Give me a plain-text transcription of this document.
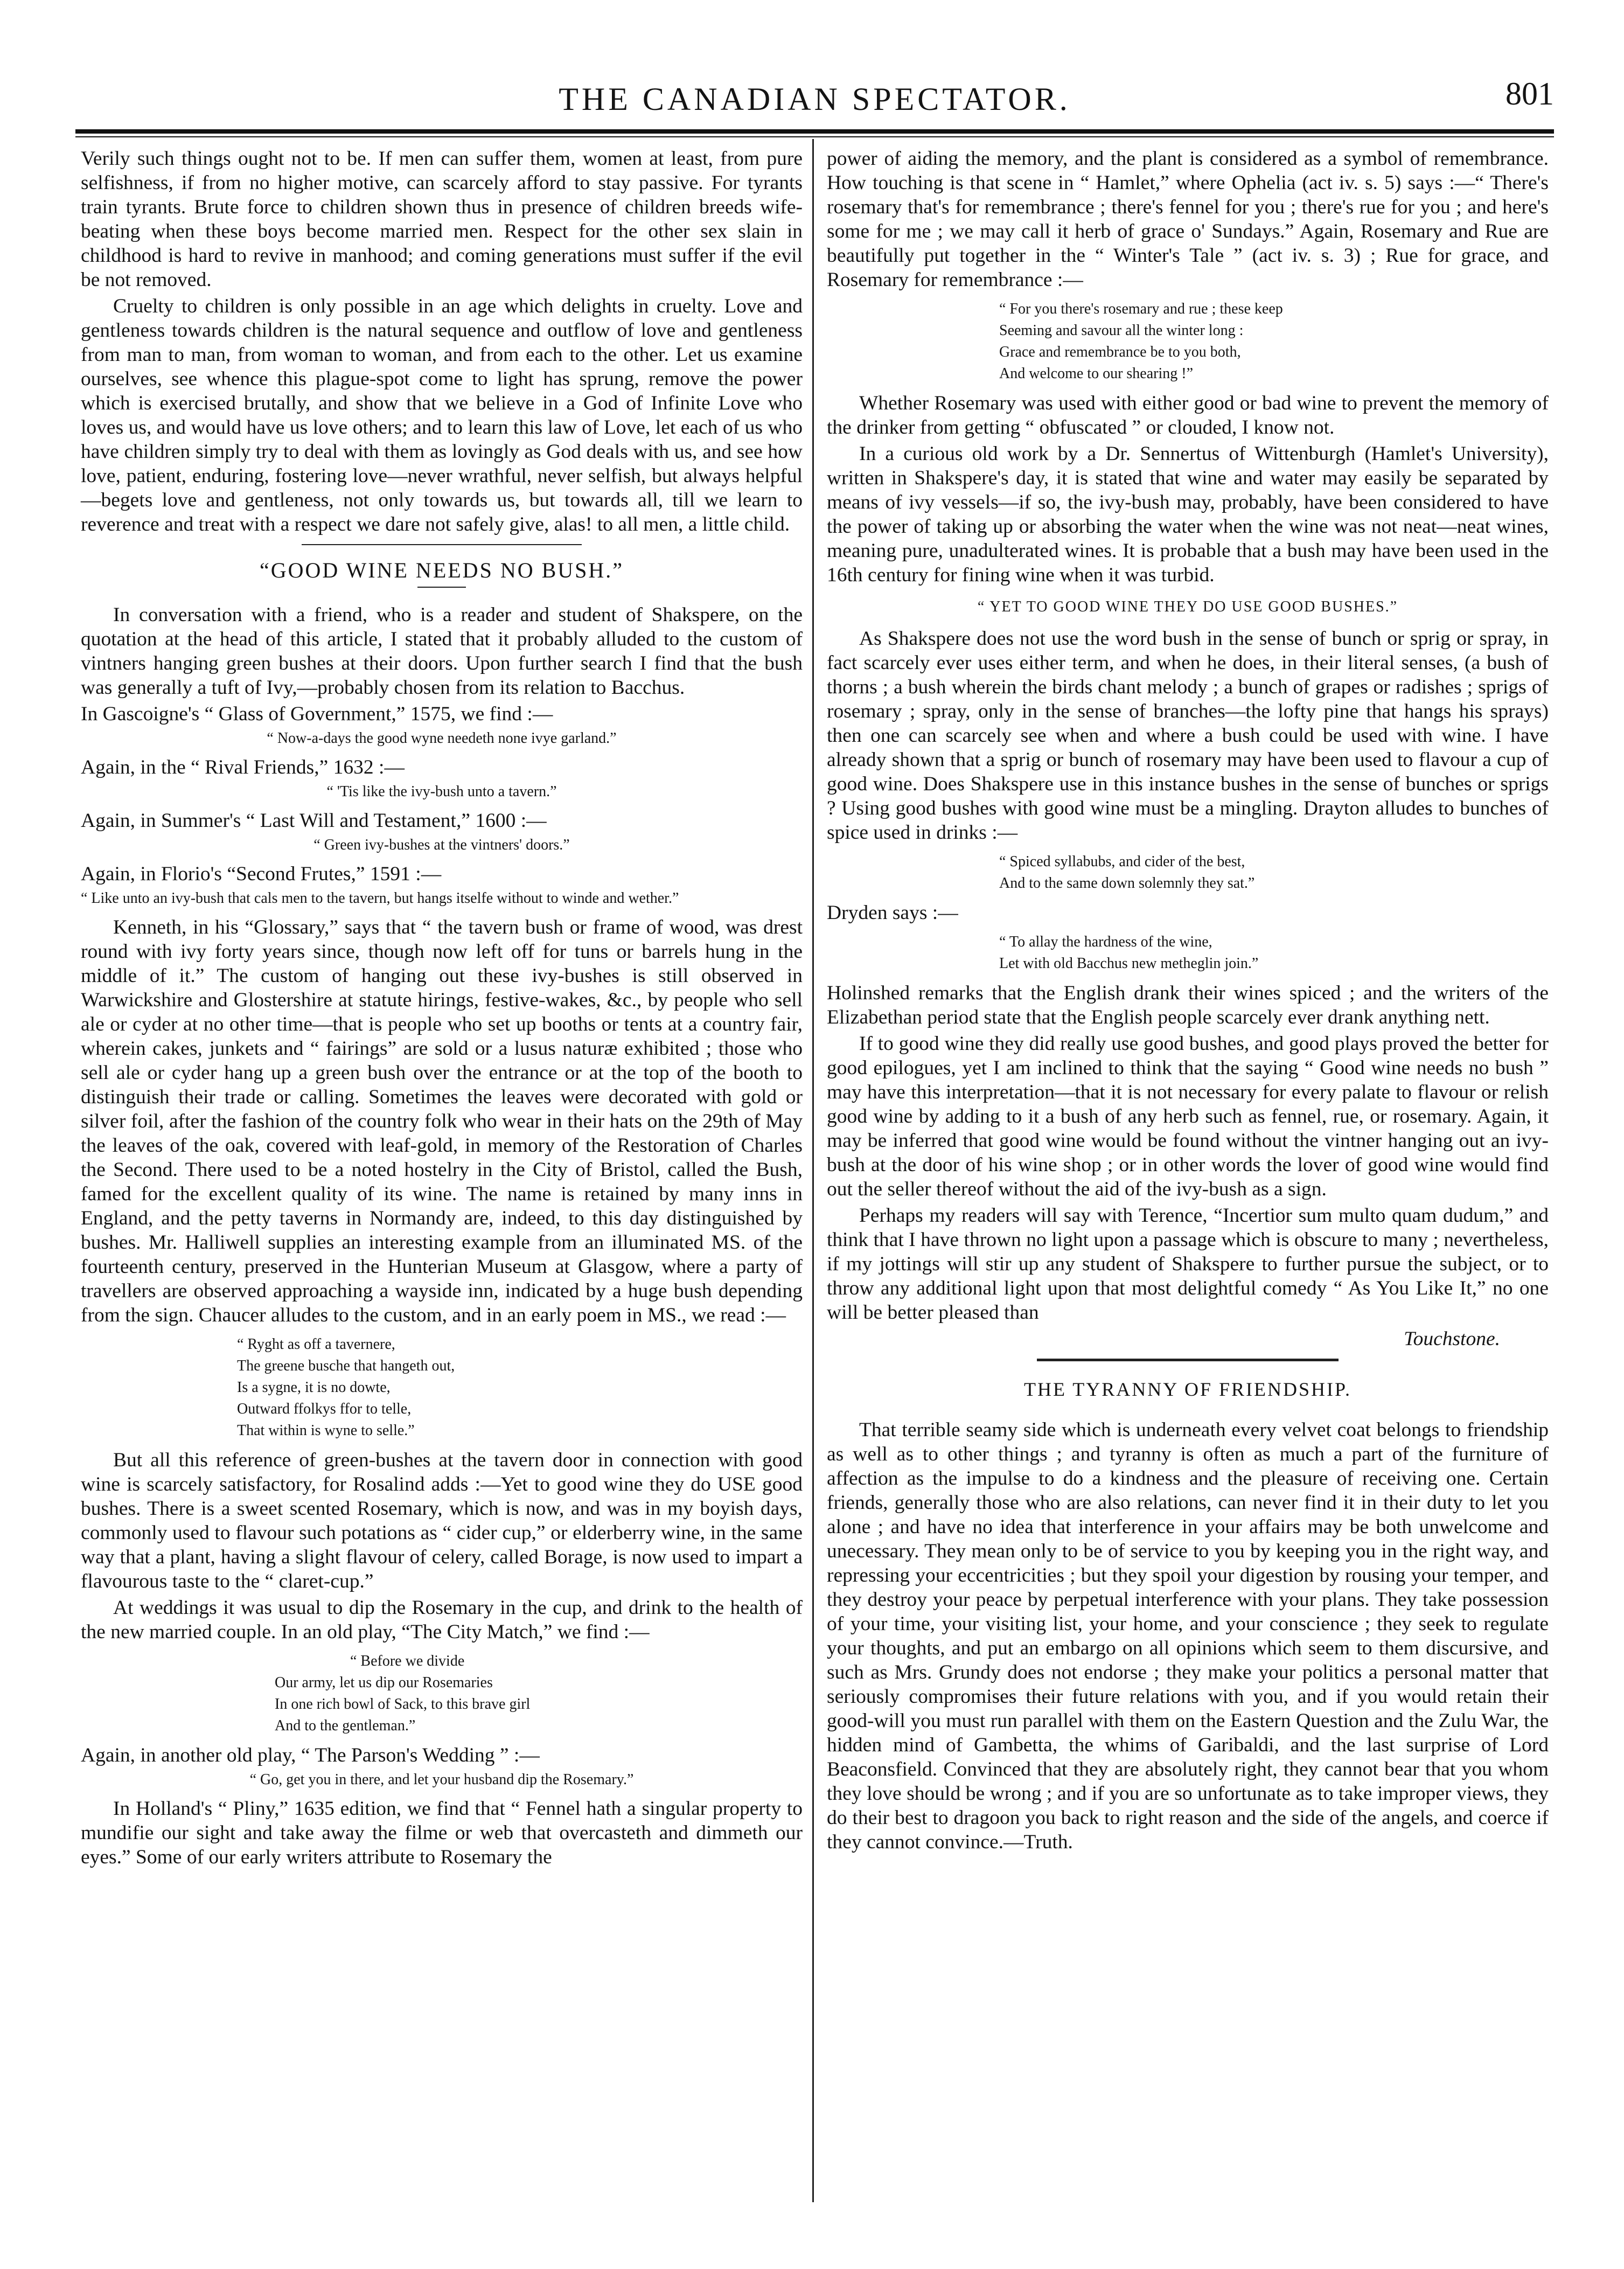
THE CANADIAN SPECTATOR.	801

Verily such things ought not to be. If men can suffer them, women at least, from pure selfishness, if from no higher motive, can scarcely afford to stay passive. For tyrants train tyrants. Brute force to children shown thus in presence of children breeds wife-beating when these boys become married men. Respect for the other sex slain in childhood is hard to revive in manhood; and coming generations must suffer if the evil be not removed.

Cruelty to children is only possible in an age which delights in cruelty. Love and gentleness towards children is the natural sequence and outflow of love and gentleness from man to man, from woman to woman, and from each to the other. Let us examine ourselves, see whence this plague-spot come to light has sprung, remove the power which is exercised brutally, and show that we believe in a God of Infinite Love who loves us, and would have us love others; and to learn this law of Love, let each of us who have children simply try to deal with them as lovingly as God deals with us, and see how love, patient, enduring, fostering love—never wrathful, never selfish, but always helpful—begets love and gentleness, not only towards us, but towards all, till we learn to reverence and treat with a respect we dare not safely give, alas! to all men, a little child.

“GOOD WINE NEEDS NO BUSH.”

In conversation with a friend, who is a reader and student of Shakspere, on the quotation at the head of this article, I stated that it probably alluded to the custom of vintners hanging green bushes at their doors. Upon further search I find that the bush was generally a tuft of Ivy,—probably chosen from its relation to Bacchus.

In Gascoigne's “ Glass of Government,” 1575, we find :—

“ Now-a-days the good wyne needeth none ivye garland.”

Again, in the “ Rival Friends,” 1632 :—

“ 'Tis like the ivy-bush unto a tavern.”

Again, in Summer's “ Last Will and Testament,” 1600 :—

“ Green ivy-bushes at the vintners' doors.”

Again, in Florio's “Second Frutes,” 1591 :—

“ Like unto an ivy-bush that cals men to the tavern, but hangs itselfe without to winde and wether.”

Kenneth, in his “Glossary,” says that “ the tavern bush or frame of wood, was drest round with ivy forty years since, though now left off for tuns or barrels hung in the middle of it.” The custom of hanging out these ivy-bushes is still observed in Warwickshire and Glostershire at statute hirings, festive-wakes, &c., by people who sell ale or cyder at no other time—that is people who set up booths or tents at a country fair, wherein cakes, junkets and “ fairings” are sold or a lusus naturæ exhibited ; those who sell ale or cyder hang up a green bush over the entrance or at the top of the booth to distinguish their trade or calling. Sometimes the leaves were decorated with gold or silver foil, after the fashion of the country folk who wear in their hats on the 29th of May the leaves of the oak, covered with leaf-gold, in memory of the Restoration of Charles the Second. There used to be a noted hostelry in the City of Bristol, called the Bush, famed for the excellent quality of its wine. The name is retained by many inns in England, and the petty taverns in Normandy are, indeed, to this day distinguished by bushes. Mr. Halliwell supplies an interesting example from an illuminated MS. of the fourteenth century, preserved in the Hunterian Museum at Glasgow, where a party of travellers are observed approaching a wayside inn, indicated by a huge bush depending from the sign. Chaucer alludes to the custom, and in an early poem in MS., we read :—

“ Ryght as off a tavernere,
The greene busche that hangeth out,
Is a sygne, it is no dowte,
Outward ffolkys ffor to telle,
That within is wyne to selle.”

But all this reference of green-bushes at the tavern door in connection with good wine is scarcely satisfactory, for Rosalind adds :—Yet to good wine they do USE good bushes. There is a sweet scented Rosemary, which is now, and was in my boyish days, commonly used to flavour such potations as “ cider cup,” or elderberry wine, in the same way that a plant, having a slight flavour of celery, called Borage, is now used to impart a flavourous taste to the “ claret-cup.”

At weddings it was usual to dip the Rosemary in the cup, and drink to the health of the new married couple. In an old play, “The City Match,” we find :—

“ Before we divide
Our army, let us dip our Rosemaries
In one rich bowl of Sack, to this brave girl
And to the gentleman.”

Again, in another old play, “ The Parson's Wedding ” :—

“ Go, get you in there, and let your husband dip the Rosemary.”

In Holland's “ Pliny,” 1635 edition, we find that “ Fennel hath a singular property to mundifie our sight and take away the filme or web that overcasteth and dimmeth our eyes.” Some of our early writers attribute to Rosemary the

power of aiding the memory, and the plant is considered as a symbol of remembrance. How touching is that scene in “ Hamlet,” where Ophelia (act iv. s. 5) says :—“ There's rosemary that's for remembrance ; there's fennel for you ; there's rue for you ; and here's some for me ; we may call it herb of grace o' Sundays.” Again, Rosemary and Rue are beautifully put together in the “ Winter's Tale ” (act iv. s. 3) ; Rue for grace, and Rosemary for remembrance :—

“ For you there's rosemary and rue ; these keep
Seeming and savour all the winter long :
Grace and remembrance be to you both,
And welcome to our shearing !”

Whether Rosemary was used with either good or bad wine to prevent the memory of the drinker from getting “ obfuscated ” or clouded, I know not.

In a curious old work by a Dr. Sennertus of Wittenburgh (Hamlet's University), written in Shakspere's day, it is stated that wine and water may easily be separated by means of ivy vessels—if so, the ivy-bush may, probably, have been considered to have the power of taking up or absorbing the water when the wine was not neat—neat wines, meaning pure, unadulterated wines. It is probable that a bush may have been used in the 16th century for fining wine when it was turbid.

“ YET TO GOOD WINE THEY DO USE GOOD BUSHES.”

As Shakspere does not use the word bush in the sense of bunch or sprig or spray, in fact scarcely ever uses either term, and when he does, in their literal senses, (a bush of thorns ; a bush wherein the birds chant melody ; a bunch of grapes or radishes ; sprigs of rosemary ; spray, only in the sense of branches—the lofty pine that hangs his sprays) then one can scarcely see when and where a bush could be used with wine. I have already shown that a sprig or bunch of rosemary may have been used to flavour a cup of good wine. Does Shakspere use in this instance bushes in the sense of bunches or sprigs ? Using good bushes with good wine must be a mingling. Drayton alludes to bunches of spice used in drinks :—

“ Spiced syllabubs, and cider of the best,
And to the same down solemnly they sat.”

Dryden says :—

“ To allay the hardness of the wine,
Let with old Bacchus new metheglin join.”

Holinshed remarks that the English drank their wines spiced ; and the writers of the Elizabethan period state that the English people scarcely ever drank anything nett.

If to good wine they did really use good bushes, and good plays proved the better for good epilogues, yet I am inclined to think that the saying “ Good wine needs no bush ” may have this interpretation—that it is not necessary for every palate to flavour or relish good wine by adding to it a bush of any herb such as fennel, rue, or rosemary. Again, it may be inferred that good wine would be found without the vintner hanging out an ivy-bush at the door of his wine shop ; or in other words the lover of good wine would find out the seller thereof without the aid of the ivy-bush as a sign.

Perhaps my readers will say with Terence, “Incertior sum multo quam dudum,” and think that I have thrown no light upon a passage which is obscure to many ; nevertheless, if my jottings will stir up any student of Shakspere to further pursue the subject, or to throw any additional light upon that most delightful comedy “ As You Like It,” no one will be better pleased than

Touchstone.

THE TYRANNY OF FRIENDSHIP.

That terrible seamy side which is underneath every velvet coat belongs to friendship as well as to other things ; and tyranny is often as much a part of the furniture of affection as the impulse to do a kindness and the pleasure of receiving one. Certain friends, generally those who are also relations, can never find it in their duty to let you alone ; and have no idea that interference in your affairs may be both unwelcome and unecessary. They mean only to be of service to you by keeping you in the right way, and repressing your eccentricities ; but they spoil your digestion by rousing your temper, and they destroy your peace by perpetual interference with your plans. They take possession of your time, your visiting list, your home, and your conscience ; they seek to regulate your thoughts, and put an embargo on all opinions which seem to them discursive, and such as Mrs. Grundy does not endorse ; they make your politics a personal matter that seriously compromises their future relations with you, and if you would retain their good-will you must run parallel with them on the Eastern Question and the Zulu War, the hidden mind of Gambetta, the whims of Garibaldi, and the last surprise of Lord Beaconsfield. Convinced that they are absolutely right, they cannot bear that you whom they love should be wrong ; and if you are so unfortunate as to take improper views, they do their best to dragoon you back to right reason and the side of the angels, and coerce if they cannot convince.—Truth.
